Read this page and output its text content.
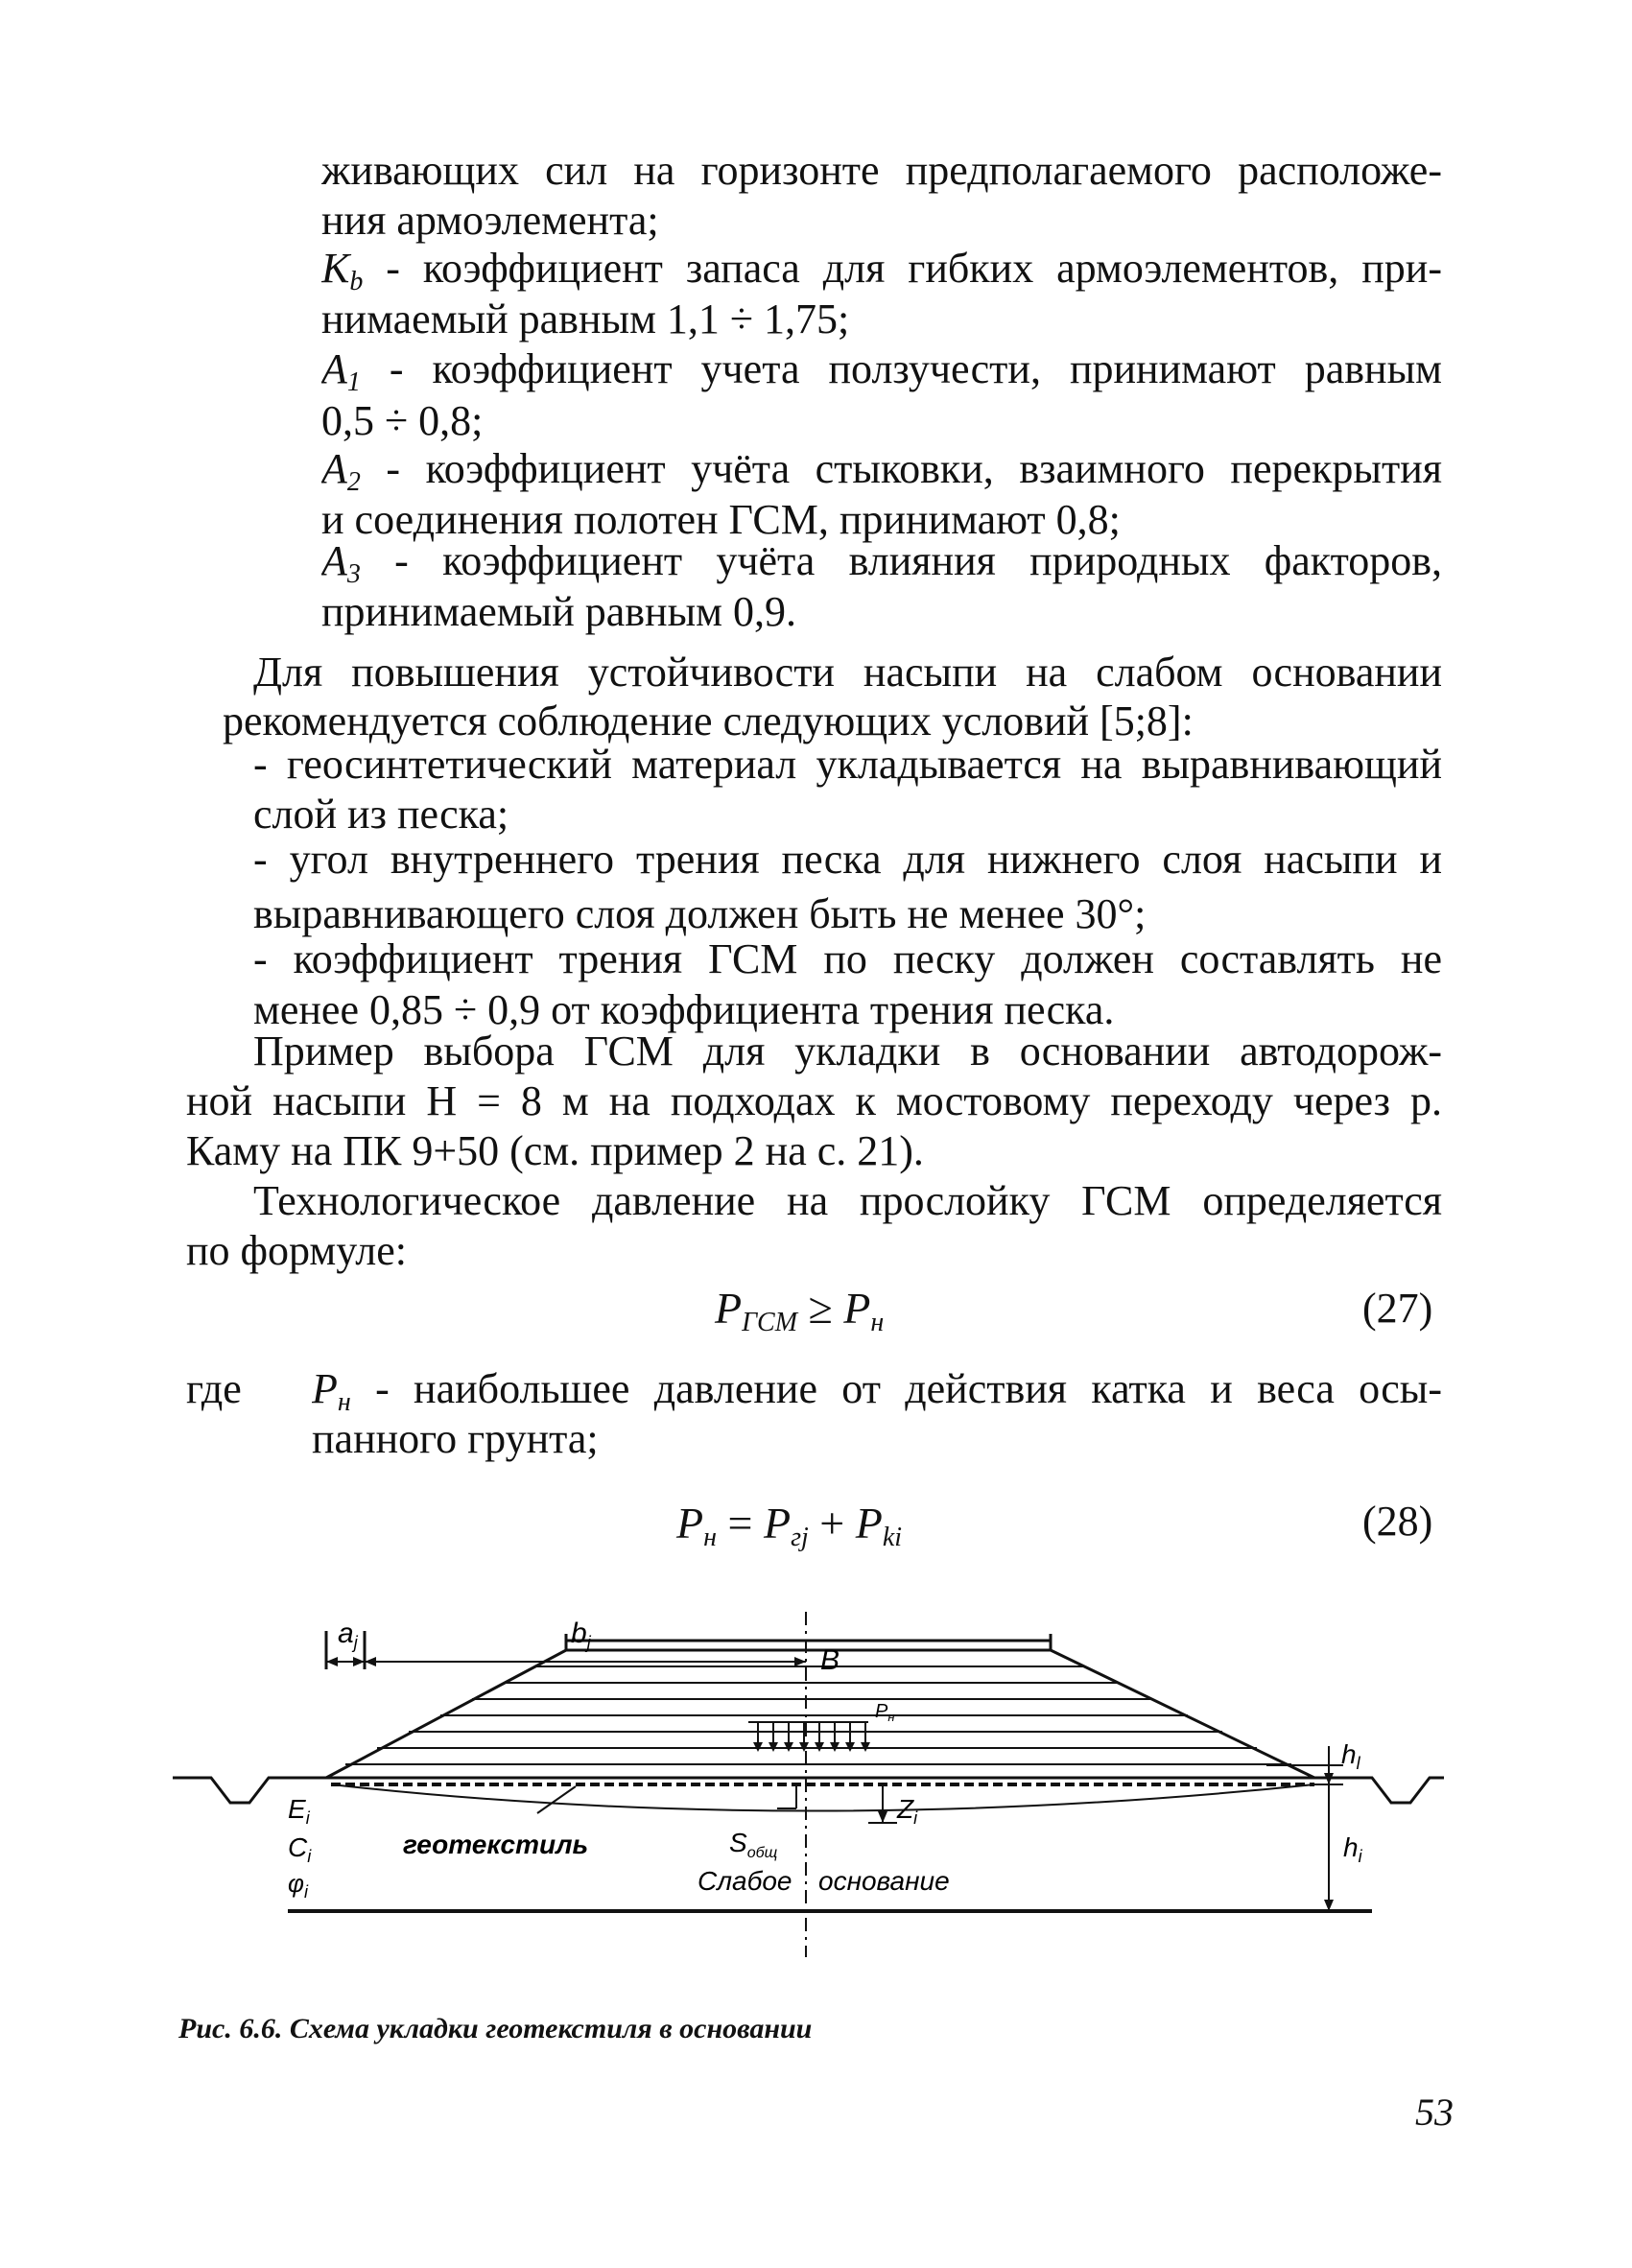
живающих сил на горизонте предполагаемого расположе-
ния армоэлемента;
$K_b$ - коэффициент запаса для гибких армоэлементов, при-
нимаемый равным 1,1 ÷ 1,75;
$A_1$ - коэффициент учета ползучести, принимают равным
0,5 ÷ 0,8;
$A_2$ - коэффициент учёта стыковки, взаимного перекрытия
и соединения полотен ГСМ, принимают 0,8;
$A_3$ - коэффициент учёта влияния природных факторов,
принимаемый равным 0,9.
Для повышения устойчивости насыпи на слабом основании
рекомендуется соблюдение следующих условий [5;8]:
- геосинтетический материал укладывается на выравнивающий
слой из песка;
- угол внутреннего трения песка для нижнего слоя насыпи и
выравнивающего слоя должен быть не менее 30°;
- коэффициент трения ГСМ по песку должен составлять не
менее 0,85 ÷ 0,9 от коэффициента трения песка.
Пример выбора ГСМ для укладки в основании автодорож-
ной насыпи H = 8 м на подходах к мостовому переходу через р.
Каму на ПК 9+50 (см. пример 2 на с. 21).
Технологическое давление на прослойку ГСМ определяется
по формуле:
$P_{ГСМ} \ge P_н$	(27)
где $P_н$ - наибольшее давление от действия катка и веса осы-
панного грунта;
$P_н = P_{гj} + P_{ki}$	(28)
$a_j$	$b_j$
B
$P_н$
$h_l$
$E_i$
$C_i$
$\varphi_i$
геотекстиль	$S_{общ}$
$Z_i$
$h_i$
Слабое основание
Рис. 6.6. Схема укладки геотекстиля в основании
53
